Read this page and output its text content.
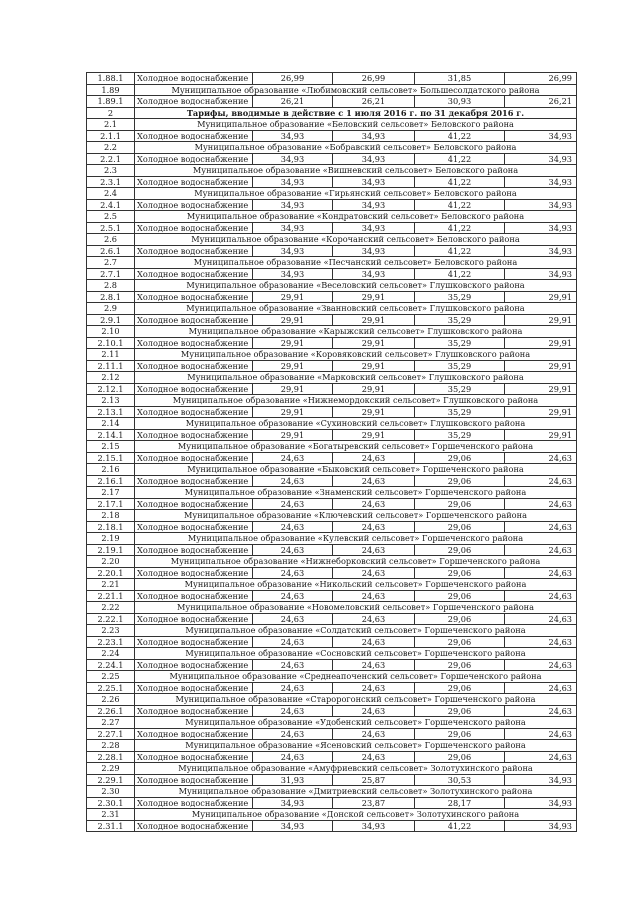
1.88.1	Холодное водоснабжение	26,99	26,99	31,85	26,99
1.89	Муниципальное образование «Любимовский сельсовет» Большесолдатского района				
1.89.1	Холодное водоснабжение	26,21	26,21	30,93	26,21
2	Тарифы, вводимые в действие с 1 июля 2016 г. по 31 декабря 2016 г.				
2.1	Муниципальное образование «Беловский сельсовет» Беловского района				
2.1.1	Холодное водоснабжение	34,93	34,93	41,22	34,93
2.2	Муниципальное образование «Бобравский сельсовет» Беловского района				
2.2.1	Холодное водоснабжение	34,93	34,93	41,22	34,93
2.3	Муниципальное образование «Вишневский сельсовет» Беловского района				
2.3.1	Холодное водоснабжение	34,93	34,93	41,22	34,93
2.4	Муниципальное образование «Гирьянский сельсовет» Беловского района				
2.4.1	Холодное водоснабжение	34,93	34,93	41,22	34,93
2.5	Муниципальное образование «Кондратовский сельсовет» Беловского района				
2.5.1	Холодное водоснабжение	34,93	34,93	41,22	34,93
2.6	Муниципальное образование «Корочанский сельсовет» Беловского района				
2.6.1	Холодное водоснабжение	34,93	34,93	41,22	34,93
2.7	Муниципальное образование «Песчанский сельсовет» Беловского района				
2.7.1	Холодное водоснабжение	34,93	34,93	41,22	34,93
2.8	Муниципальное образование «Веселовский сельсовет» Глушковского района				
2.8.1	Холодное водоснабжение	29,91	29,91	35,29	29,91
2.9	Муниципальное образование «Званновский сельсовет» Глушковского района				
2.9.1	Холодное водоснабжение	29,91	29,91	35,29	29,91
2.10	Муниципальное образование «Карыжский сельсовет» Глушковского района				
2.10.1	Холодное водоснабжение	29,91	29,91	35,29	29,91
2.11	Муниципальное образование «Коровяковский сельсовет» Глушковского района				
2.11.1	Холодное водоснабжение	29,91	29,91	35,29	29,91
2.12	Муниципальное образование «Марковский сельсовет» Глушковского района				
2.12.1	Холодное водоснабжение	29,91	29,91	35,29	29,91
2.13	Муниципальное образование «Нижнемордокский сельсовет» Глушковского района				
2.13.1	Холодное водоснабжение	29,91	29,91	35,29	29,91
2.14	Муниципальное образование «Сухиновский сельсовет» Глушковского района				
2.14.1	Холодное водоснабжение	29,91	29,91	35,29	29,91
2.15	Муниципальное образование «Богатыревский сельсовет» Горшеченского района				
2.15.1	Холодное водоснабжение	24,63	24,63	29,06	24,63
2.16	Муниципальное образование «Быковский сельсовет» Горшеченского района				
2.16.1	Холодное водоснабжение	24,63	24,63	29,06	24,63
2.17	Муниципальное образование «Знаменский сельсовет» Горшеченского района				
2.17.1	Холодное водоснабжение	24,63	24,63	29,06	24,63
2.18	Муниципальное образование «Ключевский сельсовет» Горшеченского района				
2.18.1	Холодное водоснабжение	24,63	24,63	29,06	24,63
2.19	Муниципальное образование «Кулевский сельсовет» Горшеченского района				
2.19.1	Холодное водоснабжение	24,63	24,63	29,06	24,63
2.20	Муниципальное образование «Нижнеборковский сельсовет» Горшеченского района				
2.20.1	Холодное водоснабжение	24,63	24,63	29,06	24,63
2.21	Муниципальное образование «Никольский сельсовет» Горшеченского района				
2.21.1	Холодное водоснабжение	24,63	24,63	29,06	24,63
2.22	Муниципальное образование «Новомеловский сельсовет» Горшеченского района				
2.22.1	Холодное водоснабжение	24,63	24,63	29,06	24,63
2.23	Муниципальное образование «Солдатский сельсовет» Горшеченского района				
2.23.1	Холодное водоснабжение	24,63	24,63	29,06	24,63
2.24	Муниципальное образование «Сосновский сельсовет» Горшеченского района				
2.24.1	Холодное водоснабжение	24,63	24,63	29,06	24,63
2.25	Муниципальное образование «Среднеапоченский сельсовет» Горшеченского района				
2.25.1	Холодное водоснабжение	24,63	24,63	29,06	24,63
2.26	Муниципальное образование «Старорогонский сельсовет» Горшеченского района				
2.26.1	Холодное водоснабжение	24,63	24,63	29,06	24,63
2.27	Муниципальное образование «Удобенский сельсовет» Горшеченского района				
2.27.1	Холодное водоснабжение	24,63	24,63	29,06	24,63
2.28	Муниципальное образование «Ясеновский сельсовет» Горшеченского района				
2.28.1	Холодное водоснабжение	24,63	24,63	29,06	24,63
2.29	Муниципальное образование «Амуфриевский сельсовет» Золотухинского района				
2.29.1	Холодное водоснабжение	31,93	25,87	30,53	34,93
2.30	Муниципальное образование «Дмитриевский сельсовет» Золотухинского района				
2.30.1	Холодное водоснабжение	34,93	23,87	28,17	34,93
2.31	Муниципальное образование «Донской сельсовет» Золотухинского района				
2.31.1	Холодное водоснабжение	34,93	34,93	41,22	34,93
